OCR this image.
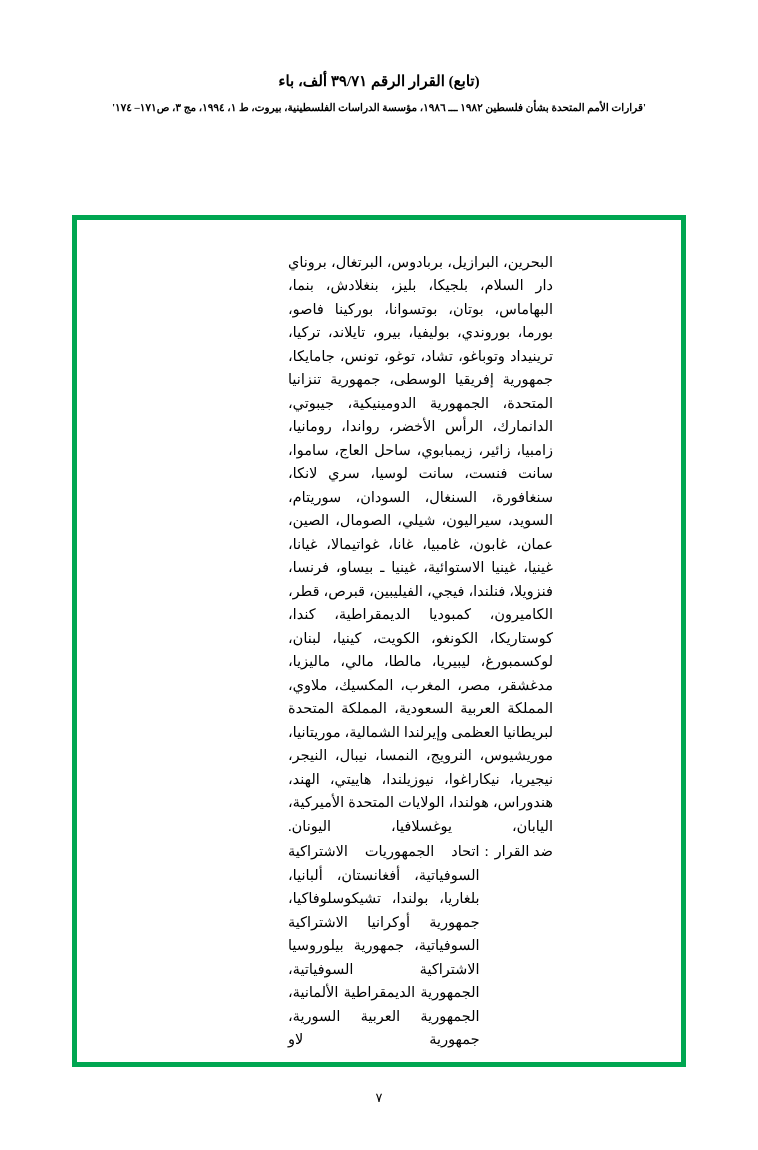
(تابع) القرار الرقم ٣٩/٧١ ألف، باء
'قرارات الأمم المتحدة بشأن فلسطين ١٩٨٢ ـــ ١٩٨٦، مؤسسة الدراسات الفلسطينية، بيروت، ط ١، ١٩٩٤، مج ٣، ص١٧١– ١٧٤'

البحرين، البرازيل، بربادوس، البرتغال، بروناي دار السلام، بلجيكا، بليز، بنغلادش، بنما، البهاماس، بوتان، بوتسوانا، بوركينا فاصو، بورما، بوروندي، بوليفيا، بيرو، تايلاند، تركيا، ترينيداد وتوباغو، تشاد، توغو، تونس، جامايكا، جمهورية إفريقيا الوسطى، جمهورية تنزانيا المتحدة، الجمهورية الدومينيكية، جيبوتي، الدانمارك، الرأس الأخضر، رواندا، رومانيا، زامبيا، زائير، زيمبابوي، ساحل العاج، ساموا، سانت فنست، سانت لوسيا، سري لانكا، سنغافورة، السنغال، السودان، سوريتام، السويد، سيراليون، شيلي، الصومال، الصين، عمان، غابون، غامبيا، غانا، غواتيمالا، غيانا، غينيا، غينيا الاستوائية، غينيا ـ بيساو، فرنسا، فنزويلا، فنلندا، فيجي، الفيليبين، قبرص، قطر، الكاميرون، كمبوديا الديمقراطية، كندا، كوستاريكا، الكونغو، الكويت، كينيا، لبنان، لوكسمبورغ، ليبيريا، مالطا، مالي، ماليزيا، مدغشقر، مصر، المغرب، المكسيك، ملاوي، المملكة العربية السعودية، المملكة المتحدة لبريطانيا العظمى وإيرلندا الشمالية، موريتانيا، موريشيوس، النرويج، النمسا، نيبال، النيجر، نيجيريا، نيكاراغوا، نيوزيلندا، هاييتي، الهند، هندوراس، هولندا، الولايات المتحدة الأميركية، اليابان، يوغسلافيا، اليونان.

ضد القرار
:
اتحاد الجمهوريات الاشتراكية السوفياتية، أفغانستان، ألبانيا، بلغاريا، بولندا، تشيكوسلوفاكيا، جمهورية أوكرانيا الاشتراكية السوفياتية، جمهورية بيلوروسيا الاشتراكية السوفياتية، الجمهورية الديمقراطية الألمانية، الجمهورية العربية السورية، جمهورية لاو
٧
